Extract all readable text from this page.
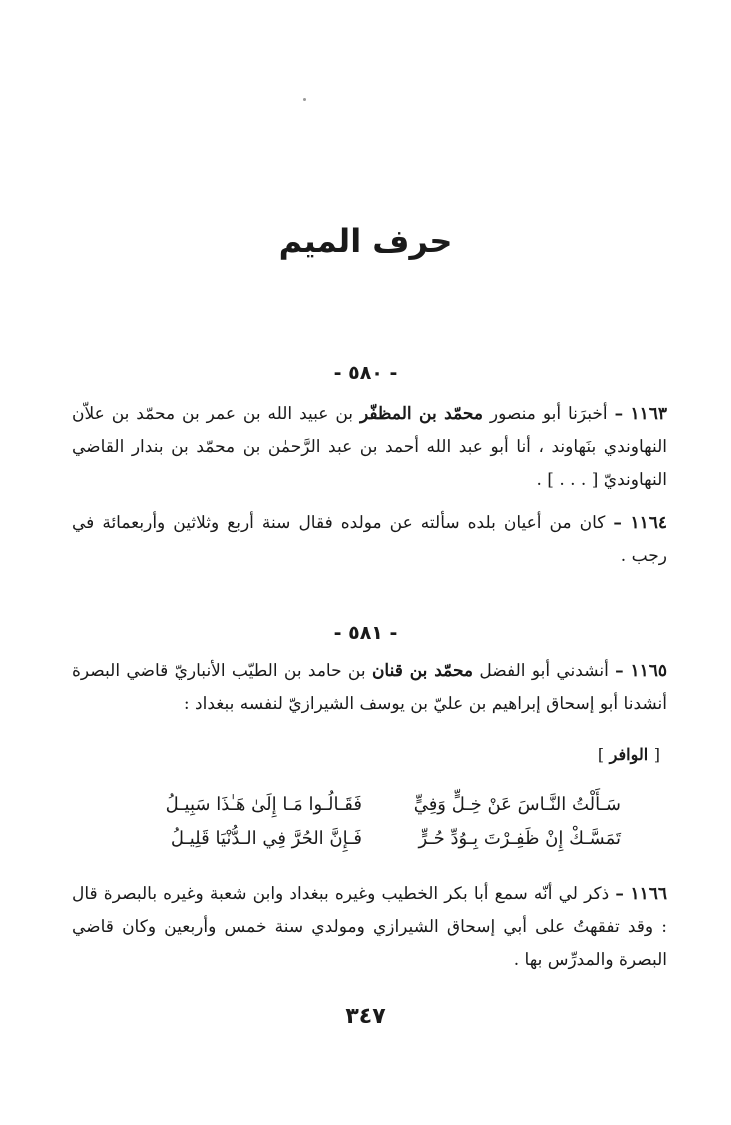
حرف الميم
- ٥٨٠ -
١١٦٣ – أخبرَنا أبو منصور محمّد بن المظفّر بن عبيد الله بن عمر بن محمّد بن علاّن النهاوندي بنَهاوند ، أنا أبو عبد الله أحمد بن عبد الرَّحمٰن بن محمّد بن بندار القاضي النهاونديّ [ . . . ] .
١١٦٤ – كان من أعيان بلده سألته عن مولده فقال سنة أربع وثلاثين وأربعمائة في رجب .
- ٥٨١ -
١١٦٥ – أنشدني أبو الفضل محمّد بن قنان بن حامد بن الطيّب الأنباريّ قاضي البصرة أنشدنا أبو إسحاق إبراهيم بن عليّ بن يوسف الشيرازيّ لنفسه ببغداد :
[ الوافر ]
سَـأَلْتُ النَّـاسَ عَنْ خِـلٍّ وَفِيٍّ
فَقَـالُـوا مَـا إِلَىٰ هَـٰذَا سَبِيـلُ
تَمَسَّـكْ إِنْ ظَفِـرْتَ بِـوُدِّ حُـرٍّ
فَـإِنَّ الحُرَّ فِي الـدُّنْيَا قَلِيـلُ
١١٦٦ – ذكر لي أنّه سمع أبا بكر الخطيب وغيره ببغداد وابن شعبة وغيره بالبصرة قال : وقد تفقهتُ على أبي إسحاق الشيرازي ومولدي سنة خمس وأربعين وكان قاضي البصرة والمدرِّس بها .
٣٤٧
